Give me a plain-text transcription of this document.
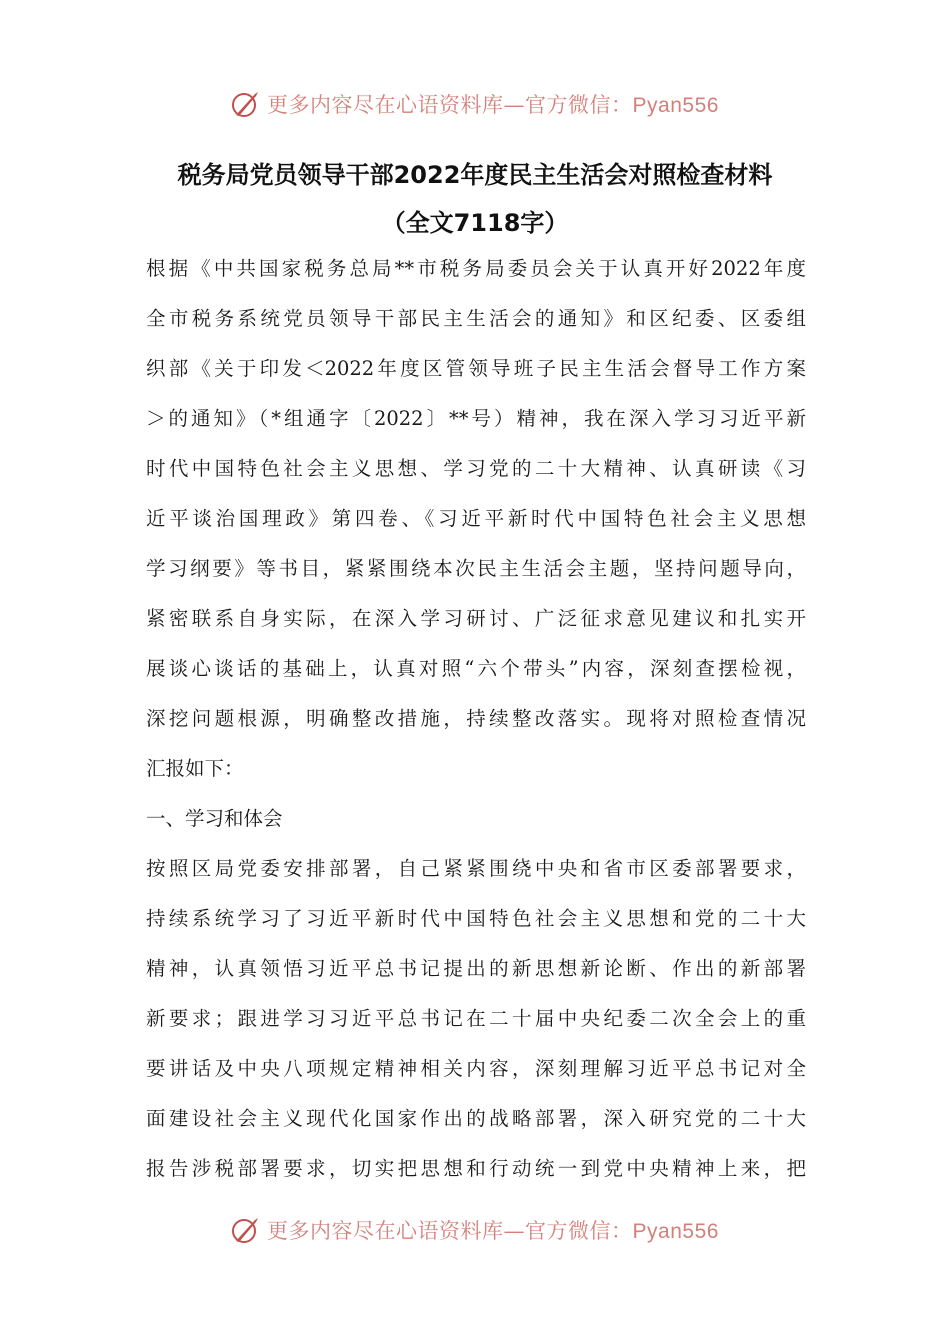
更多内容尽在心语资料库—官方微信：Pyan556
税务局党员领导干部2022年度民主生活会对照检查材料
（全文7118字）
根据《中共国家税务总局**市税务局委员会关于认真开好2022年度
全市税务系统党员领导干部民主生活会的通知》和区纪委、区委组
织部《关于印发＜2022年度区管领导班子民主生活会督导工作方案
＞的通知》（*组通字〔2022〕**号）精神，我在深入学习习近平新
时代中国特色社会主义思想、学习党的二十大精神、认真研读《习
近平谈治国理政》第四卷、《习近平新时代中国特色社会主义思想
学习纲要》等书目，紧紧围绕本次民主生活会主题，坚持问题导向，
紧密联系自身实际，在深入学习研讨、广泛征求意见建议和扎实开
展谈心谈话的基础上，认真对照“六个带头”内容，深刻查摆检视，
深挖问题根源，明确整改措施，持续整改落实。现将对照检查情况
汇报如下：
一、学习和体会
按照区局党委安排部署，自己紧紧围绕中央和省市区委部署要求，
持续系统学习了习近平新时代中国特色社会主义思想和党的二十大
精神，认真领悟习近平总书记提出的新思想新论断、作出的新部署
新要求；跟进学习习近平总书记在二十届中央纪委二次全会上的重
要讲话及中央八项规定精神相关内容，深刻理解习近平总书记对全
面建设社会主义现代化国家作出的战略部署，深入研究党的二十大
报告涉税部署要求，切实把思想和行动统一到党中央精神上来，把
更多内容尽在心语资料库—官方微信：Pyan556
